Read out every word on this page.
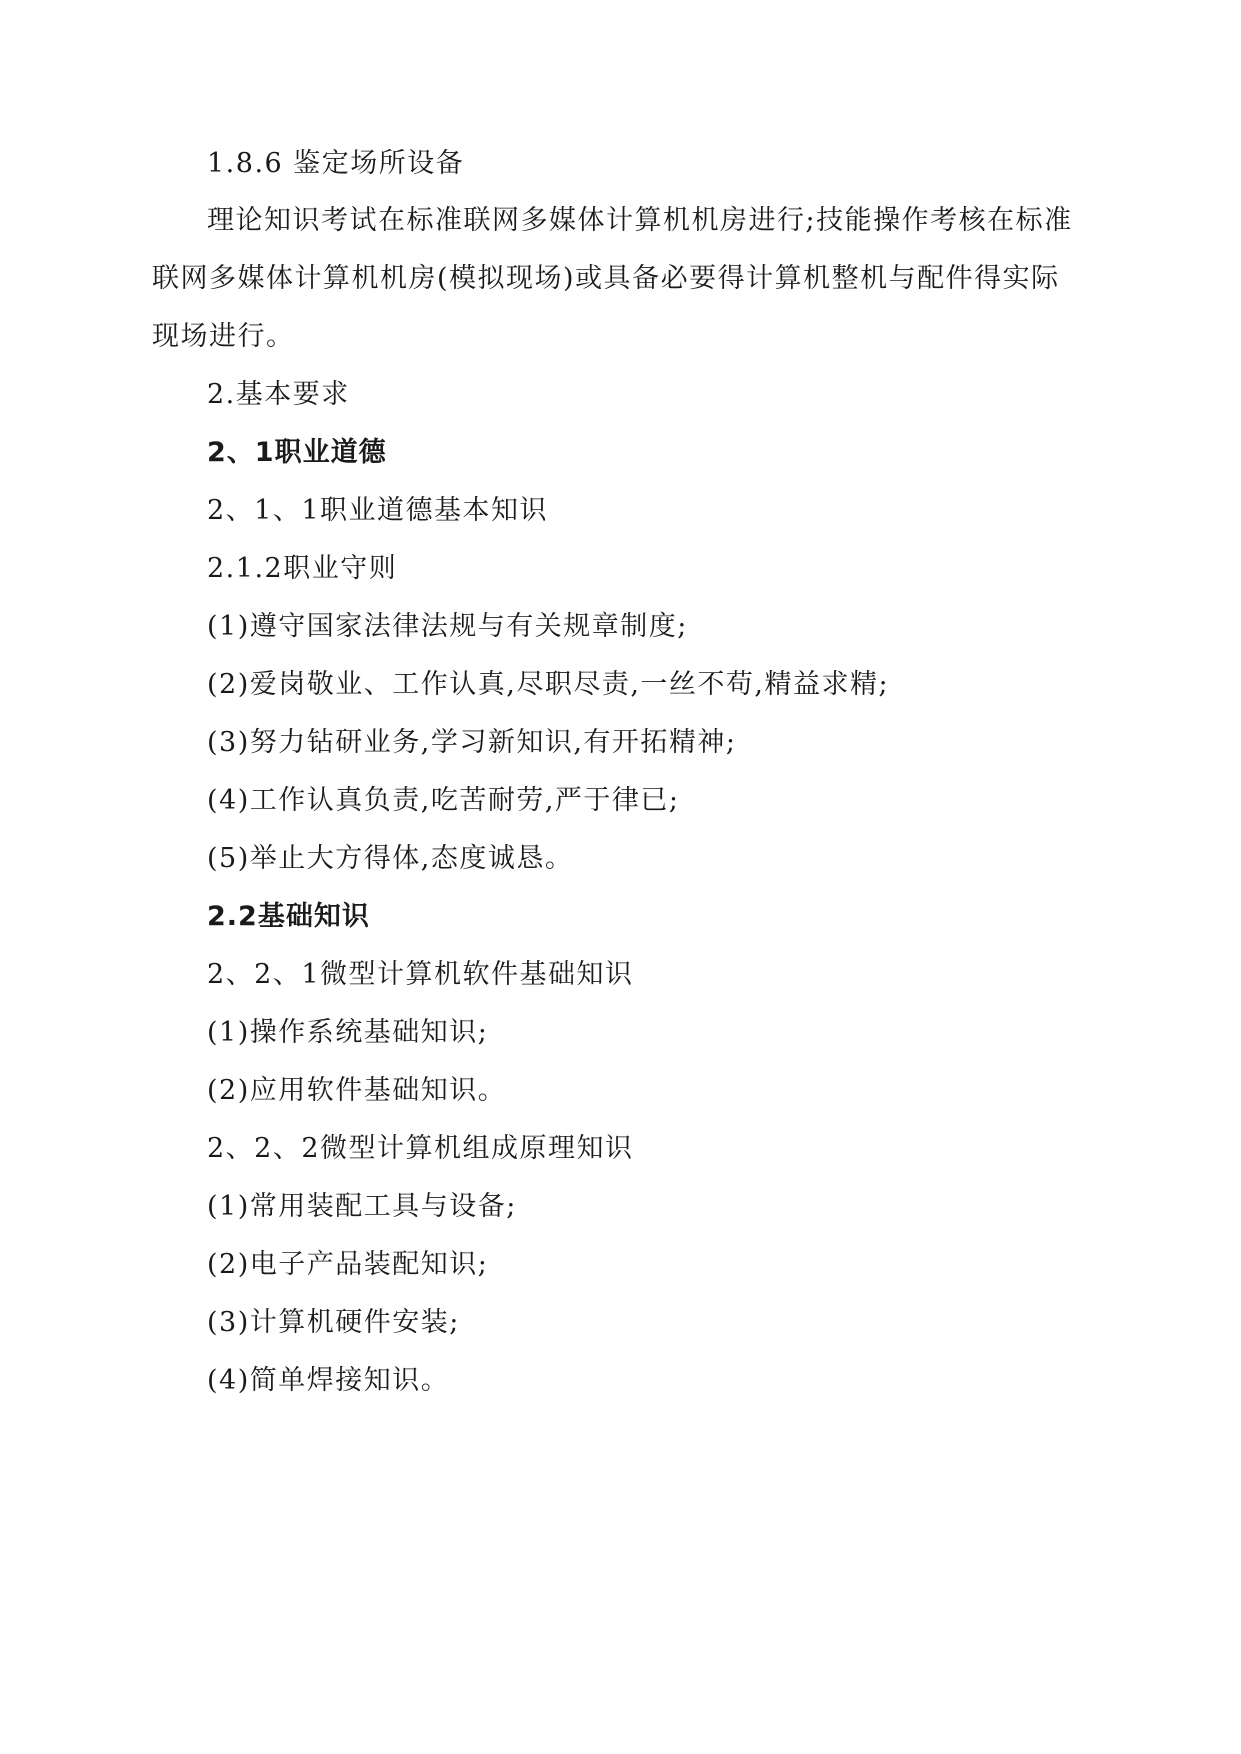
1.8.6 鉴定场所设备

理论知识考试在标准联网多媒体计算机机房进行;技能操作考核在标准

联网多媒体计算机机房(模拟现场)或具备必要得计算机整机与配件得实际

现场进行。

2.基本要求

2、1职业道德

2、1、1职业道德基本知识

2.1.2职业守则

(1)遵守国家法律法规与有关规章制度;

(2)爱岗敬业、工作认真,尽职尽责,一丝不苟,精益求精;

(3)努力钻研业务,学习新知识,有开拓精神;

(4)工作认真负责,吃苦耐劳,严于律已;

(5)举止大方得体,态度诚恳。

2.2基础知识

2、2、1微型计算机软件基础知识

(1)操作系统基础知识;

(2)应用软件基础知识。

2、2、2微型计算机组成原理知识

(1)常用装配工具与设备;

(2)电子产品装配知识;

(3)计算机硬件安装;

(4)简单焊接知识。
